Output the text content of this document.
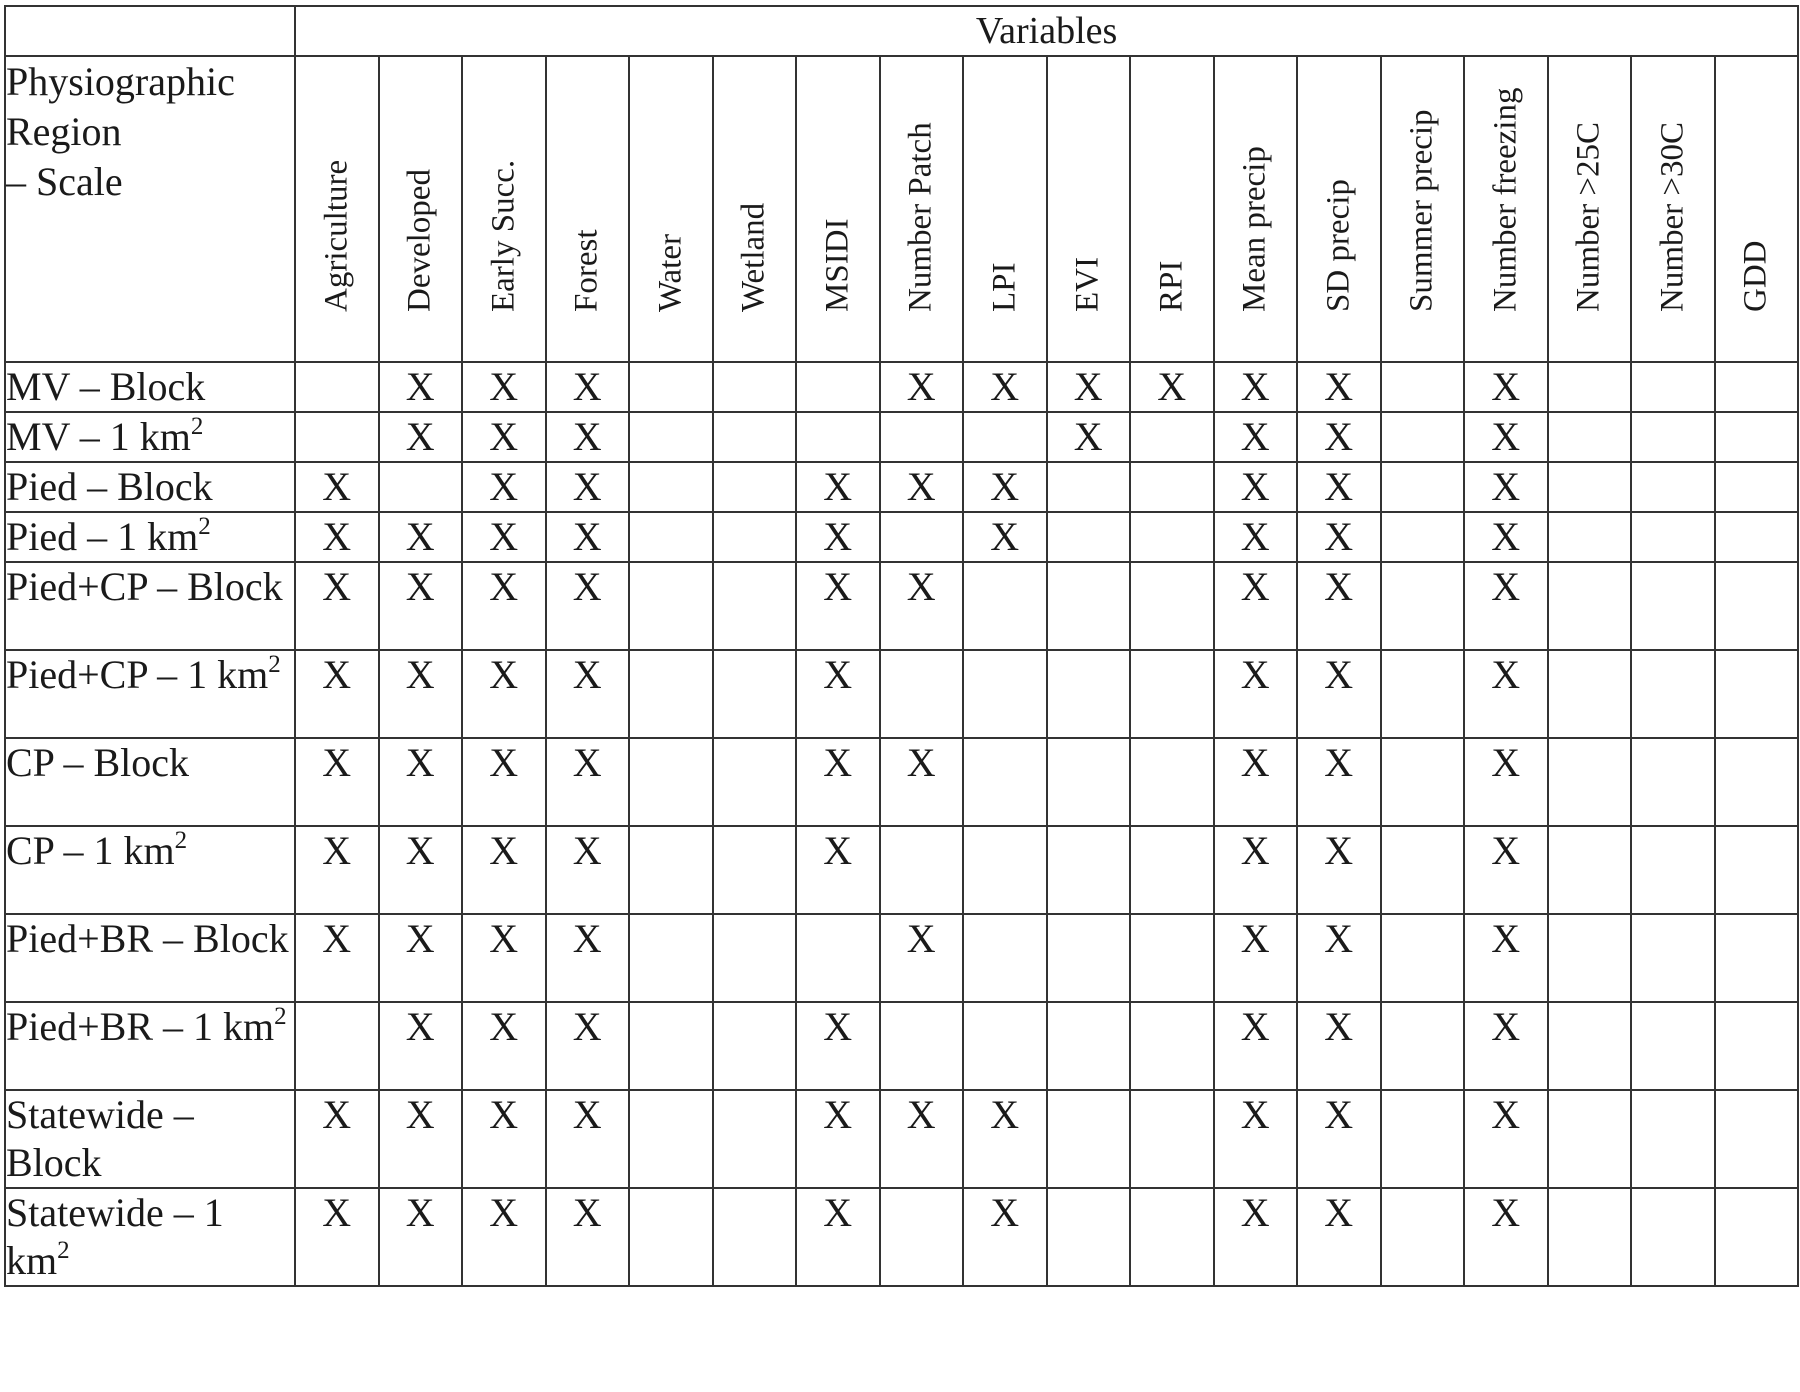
	Variables																	
Physiographic
Region
– Scale	Agriculture	Developed	Early Succ.	Forest	Water	Wetland	MSIDI	Number Patch	LPI	EVI	RPI	Mean precip	SD precip	Summer precip	Number freezing	Number >25C	Number >30C	GDD

MV – Block		X	X	X				X	X	X	X	X	X		X			
MV – 1 $km^2$		X	X	X						X		X	X		X			
Pied – Block	X		X	X			X	X	X			X	X		X			
Pied – 1 $km^2$	X	X	X	X			X		X			X	X		X			
Pied+CP – Block	X	X	X	X			X	X				X	X		X			
Pied+CP – 1 $km^2$	X	X	X	X			X					X	X		X			
CP – Block	X	X	X	X			X	X				X	X		X			
CP – 1 $km^2$	X	X	X	X			X					X	X		X			
Pied+BR – Block	X	X	X	X				X				X	X		X			
Pied+BR – 1 $km^2$		X	X	X			X					X	X		X			
Statewide – Block	X	X	X	X			X	X	X			X	X		X			
Statewide – 1 $km^2$	X	X	X	X			X		X			X	X		X			
